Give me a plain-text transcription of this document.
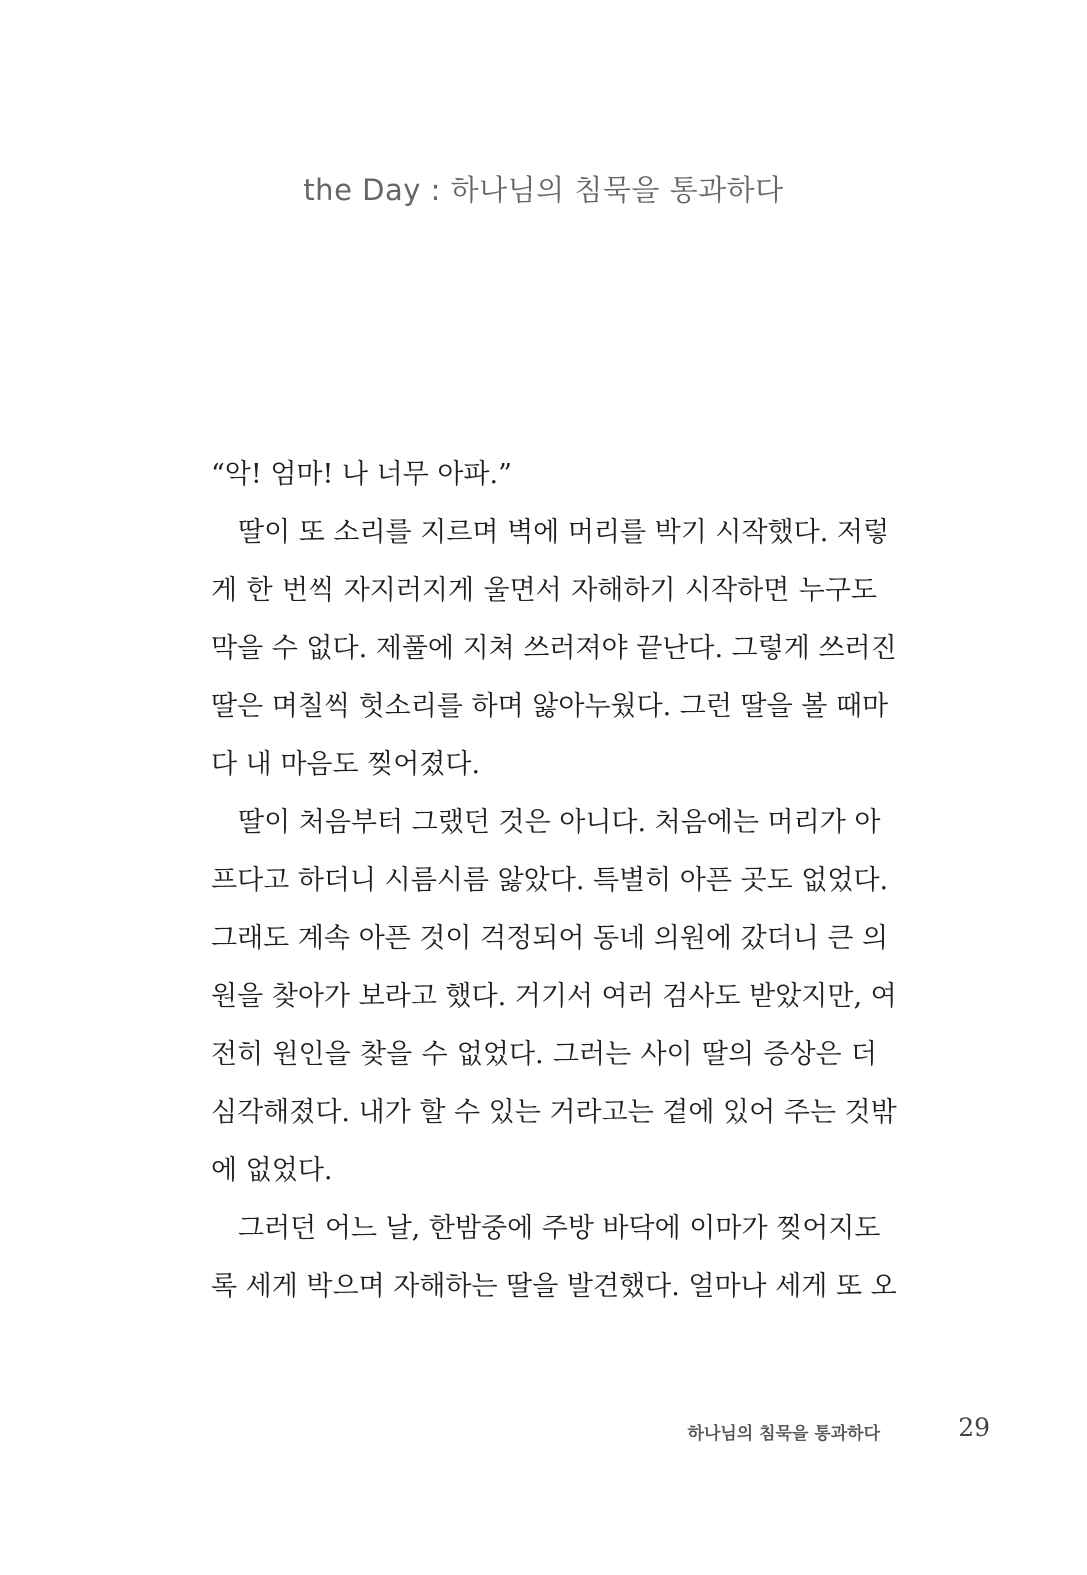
the Day : 하나님의 침묵을 통과하다
“악! 엄마! 나 너무 아파.”
딸이 또 소리를 지르며 벽에 머리를 박기 시작했다. 저렇
게 한 번씩 자지러지게 울면서 자해하기 시작하면 누구도
막을 수 없다. 제풀에 지쳐 쓰러져야 끝난다. 그렇게 쓰러진
딸은 며칠씩 헛소리를 하며 앓아누웠다. 그런 딸을 볼 때마
다 내 마음도 찢어졌다.
딸이 처음부터 그랬던 것은 아니다. 처음에는 머리가 아
프다고 하더니 시름시름 앓았다. 특별히 아픈 곳도 없었다.
그래도 계속 아픈 것이 걱정되어 동네 의원에 갔더니 큰 의
원을 찾아가 보라고 했다. 거기서 여러 검사도 받았지만, 여
전히 원인을 찾을 수 없었다. 그러는 사이 딸의 증상은 더
심각해졌다. 내가 할 수 있는 거라고는 곁에 있어 주는 것밖
에 없었다.
그러던 어느 날, 한밤중에 주방 바닥에 이마가 찢어지도
록 세게 박으며 자해하는 딸을 발견했다. 얼마나 세게 또 오
하나님의 침묵을 통과하다	29
